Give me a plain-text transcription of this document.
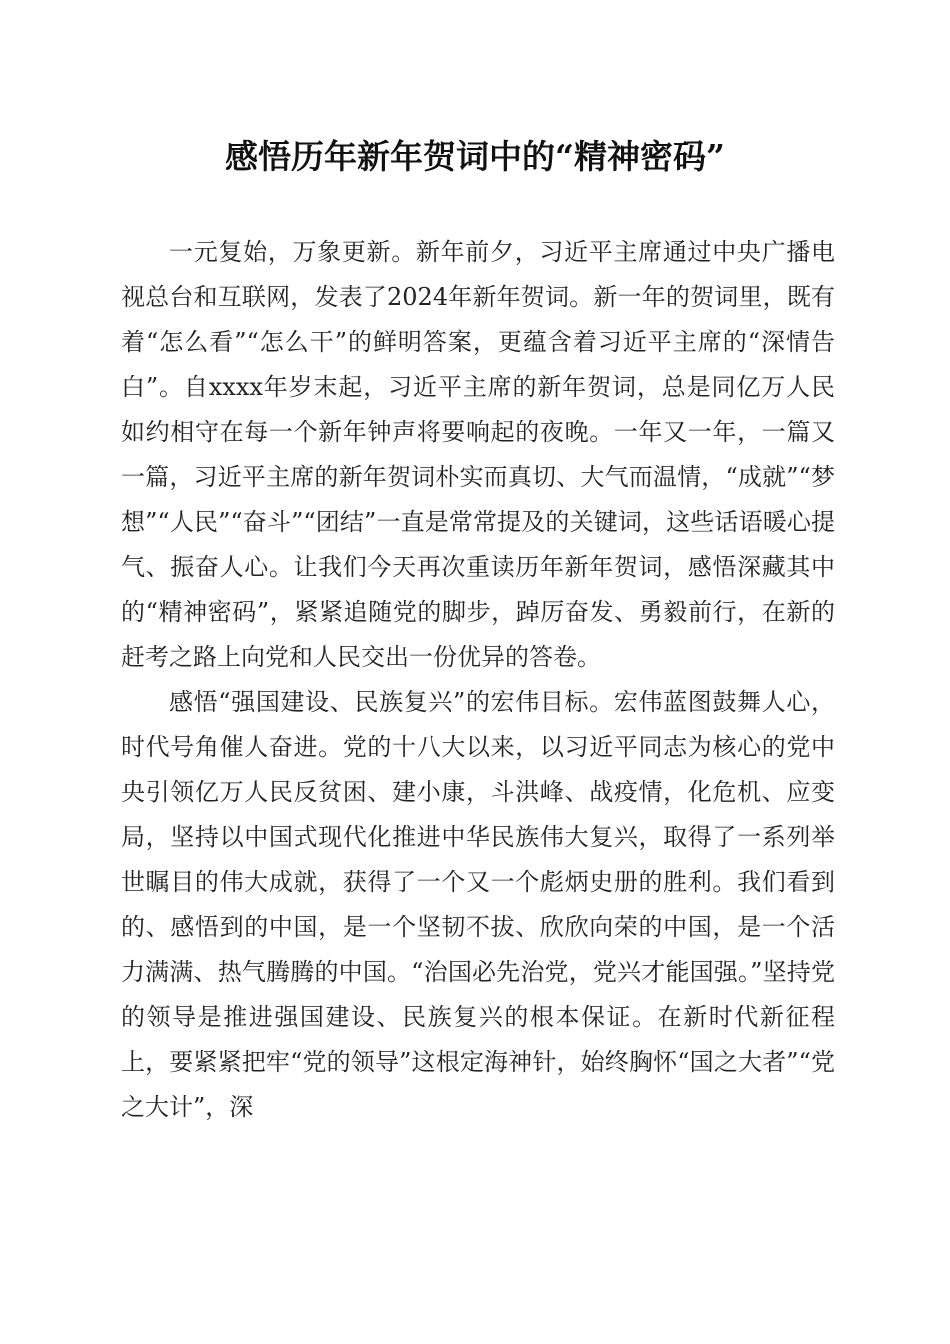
感悟历年新年贺词中的“精神密码”

一元复始，万象更新。新年前夕，习近平主席通过中央广播电视总台和互联网，发表了2024年新年贺词。新一年的贺词里，既有着“怎么看”“怎么干”的鲜明答案，更蕴含着习近平主席的“深情告白”。自xxxx年岁末起，习近平主席的新年贺词，总是同亿万人民如约相守在每一个新年钟声将要响起的夜晚。一年又一年，一篇又一篇，习近平主席的新年贺词朴实而真切、大气而温情，“成就”“梦想”“人民”“奋斗”“团结”一直是常常提及的关键词，这些话语暖心提气、振奋人心。让我们今天再次重读历年新年贺词，感悟深藏其中的“精神密码”，紧紧追随党的脚步，踔厉奋发、勇毅前行，在新的赶考之路上向党和人民交出一份优异的答卷。

感悟“强国建设、民族复兴”的宏伟目标。宏伟蓝图鼓舞人心，时代号角催人奋进。党的十八大以来，以习近平同志为核心的党中央引领亿万人民反贫困、建小康，斗洪峰、战疫情，化危机、应变局，坚持以中国式现代化推进中华民族伟大复兴，取得了一系列举世瞩目的伟大成就，获得了一个又一个彪炳史册的胜利。我们看到的、感悟到的中国，是一个坚韧不拔、欣欣向荣的中国，是一个活力满满、热气腾腾的中国。“治国必先治党，党兴才能国强。”坚持党的领导是推进强国建设、民族复兴的根本保证。在新时代新征程上，要紧紧把牢“党的领导”这根定海神针，始终胸怀“国之大者”“党之大计”，深
